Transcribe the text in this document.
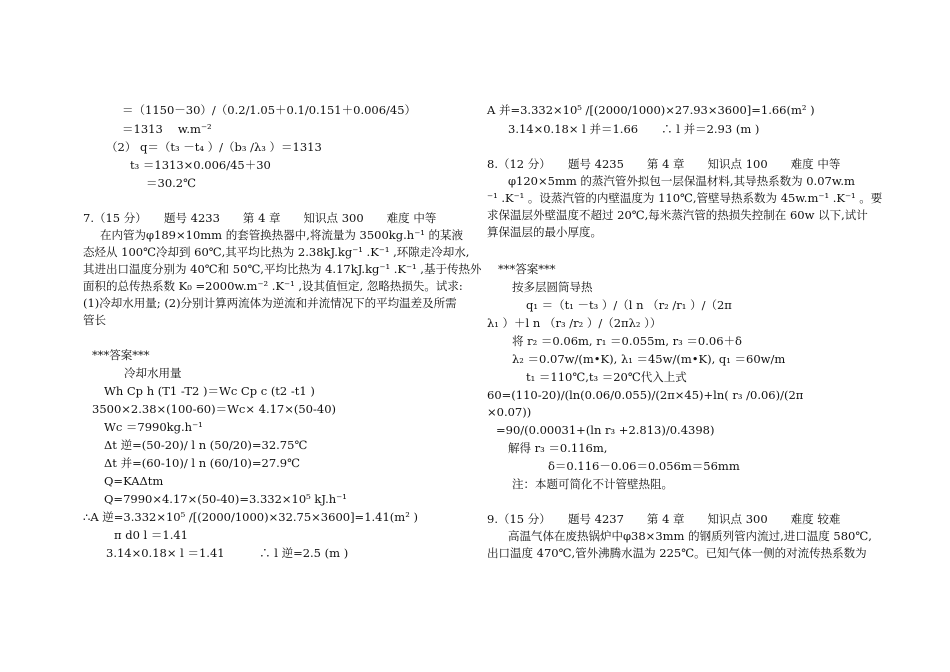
＝（1150－30）/（0.2/1.05＋0.1/0.151＋0.006/45）
＝1313　 w.m⁻²
（2） q＝（t₃ －t₄ ）/（b₃ /λ₃ ）＝1313
t₃ ＝1313×0.006/45＋30
＝30.2℃
7.（15 分）　　题号 4233　　第 4 章　　知识点 300　　难度 中等
在内管为φ189×10mm 的套管换热器中,将流量为 3500kg.h⁻¹ 的某液
态烃从 100℃冷却到 60℃,其平均比热为 2.38kJ.kg⁻¹ .K⁻¹ ,环隙走冷却水,
其进出口温度分别为 40℃和 50℃,平均比热为 4.17kJ.kg⁻¹ .K⁻¹ ,基于传热外
面积的总传热系数 K₀ =2000w.m⁻² .K⁻¹ ,设其值恒定, 忽略热损失。试求:
(1)冷却水用量; (2)分别计算两流体为逆流和并流情况下的平均温差及所需
管长
***答案***
冷却水用量
Wh Cp h (T1 -T2 )＝Wc Cp c (t2 -t1 )
3500×2.38×(100-60)＝Wc× 4.17×(50-40)
Wc ＝7990kg.h⁻¹
Δt 逆=(50-20)/ l n (50/20)=32.75℃
Δt 并=(60-10)/ l n (60/10)=27.9℃
Q=KAΔtm
Q=7990×4.17×(50-40)=3.332×10⁵ kJ.h⁻¹
∴A 逆=3.332×10⁵ /[(2000/1000)×32.75×3600]=1.41(m² )
π d0 l ＝1.41
3.14×0.18× l ＝1.41　　　∴ l 逆=2.5 (m )
A 并=3.332×10⁵ /[(2000/1000)×27.93×3600]=1.66(m² )
3.14×0.18× l 并＝1.66　　∴ l 并＝2.93 (m )
8.（12 分）　　题号 4235　　第 4 章　　知识点 100　　难度 中等
φ120×5mm 的蒸汽管外拟包一层保温材料,其导热系数为 0.07w.m
⁻¹ .K⁻¹ 。设蒸汽管的内壁温度为 110℃,管壁导热系数为 45w.m⁻¹ .K⁻¹ 。要
求保温层外壁温度不超过 20℃,每米蒸汽管的热损失控制在 60w 以下,试计
算保温层的最小厚度。
***答案***
按多层圆筒导热
q₁ ＝（t₁ －t₃ ）/（l n （r₂ /r₁ ）/（2π
λ₁ ）＋l n （r₃ /r₂ ）/（2πλ₂ ））
将 r₂ ＝0.06m, r₁ ＝0.055m, r₃ ＝0.06＋δ
λ₂ ＝0.07w/(m•K), λ₁ ＝45w/(m•K), q₁ ＝60w/m
t₁ ＝110℃,t₃ ＝20℃代入上式
60=(110-20)/(ln(0.06/0.055)/(2π×45)+ln( r₃ /0.06)/(2π
×0.07))
=90/(0.00031+(ln r₃ +2.813)/0.4398)
解得 r₃ ＝0.116m,
δ＝0.116－0.06＝0.056m＝56mm
注：本题可简化不计管壁热阻。
9.（15 分）　　题号 4237　　第 4 章　　知识点 300　　难度 较难
高温气体在废热锅炉中φ38×3mm 的钢质列管内流过,进口温度 580℃,
出口温度 470℃,管外沸腾水温为 225℃。已知气体一侧的对流传热系数为
